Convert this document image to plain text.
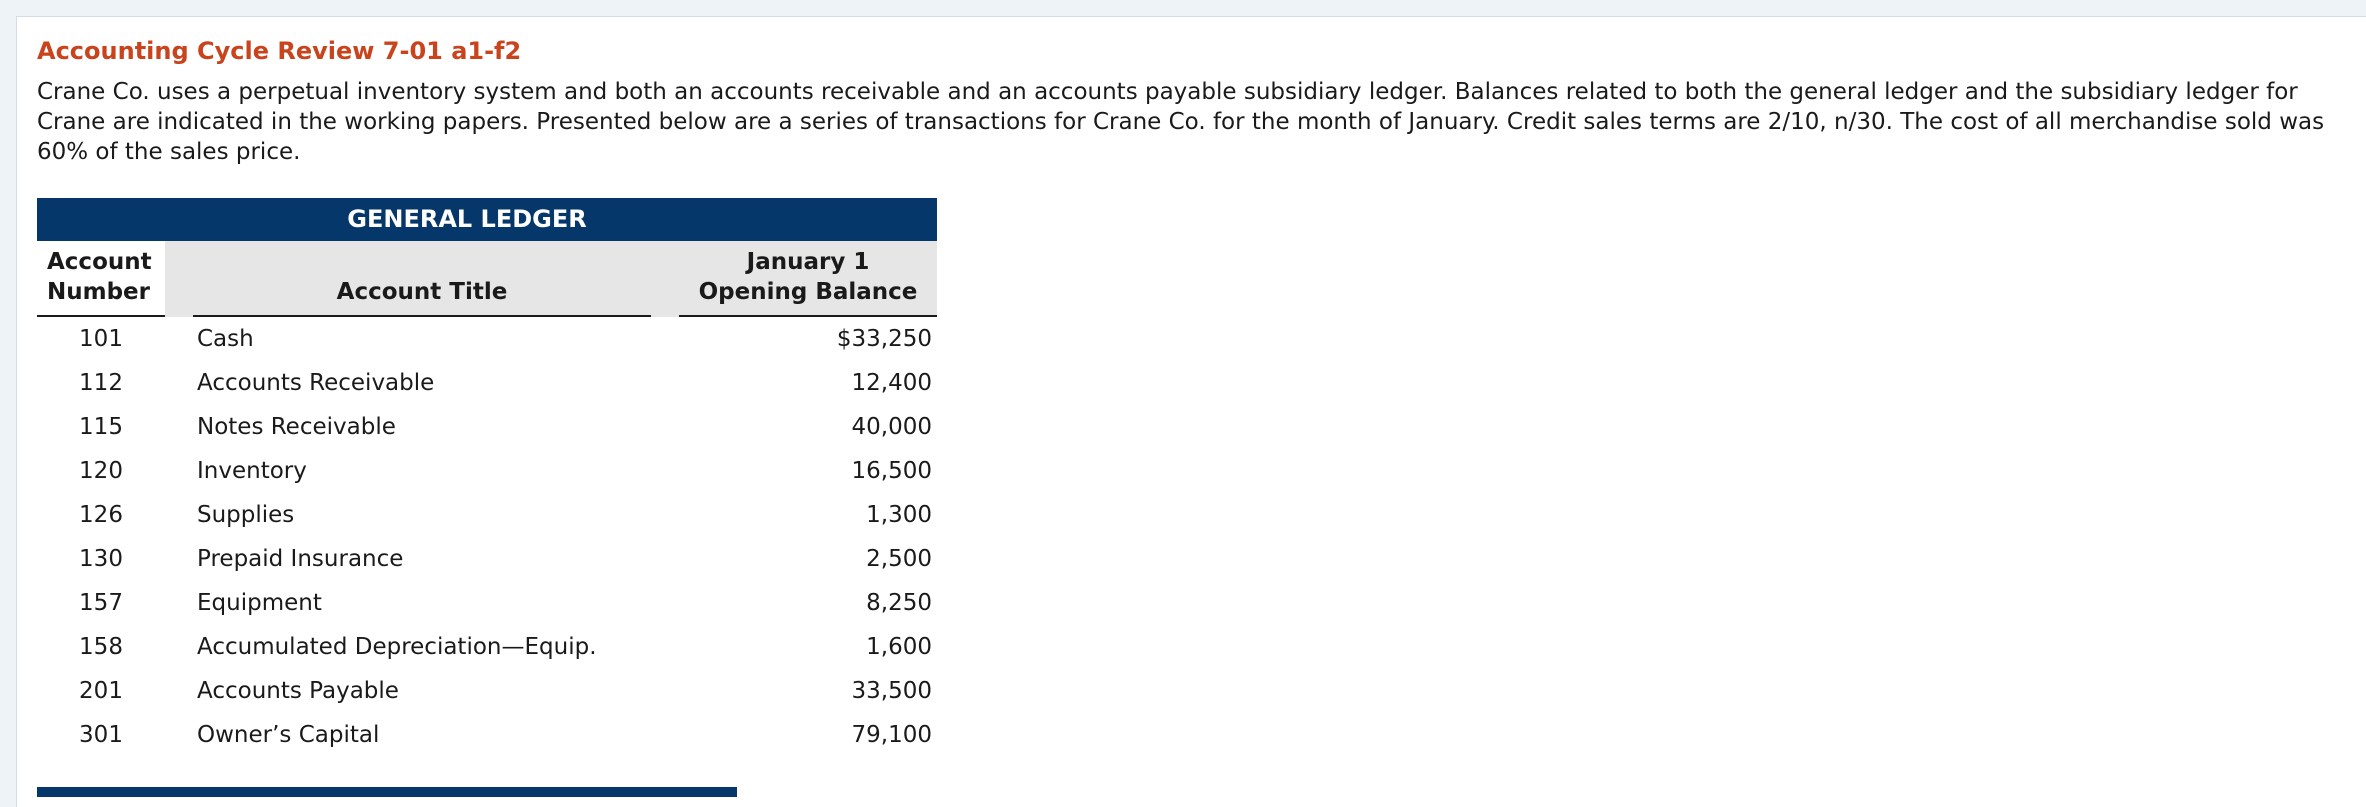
Accounting Cycle Review 7-01 a1-f2

Crane Co. uses a perpetual inventory system and both an accounts receivable and an accounts payable subsidiary ledger. Balances related to both the general ledger and the subsidiary ledger for Crane are indicated in the working papers. Presented below are a series of transactions for Crane Co. for the month of January. Credit sales terms are 2/10, n/30. The cost of all merchandise sold was 60% of the sales price.

GENERAL LEDGER
Account
Number	Account Title
January 1
Opening Balance
101	Cash	$33,250
112	Accounts Receivable	12,400
115	Notes Receivable	40,000
120	Inventory	16,500
126	Supplies	1,300
130	Prepaid Insurance	2,500
157	Equipment	8,250
158	Accumulated Depreciation—Equip.	1,600
201	Accounts Payable	33,500
301	Owner’s Capital	79,100
